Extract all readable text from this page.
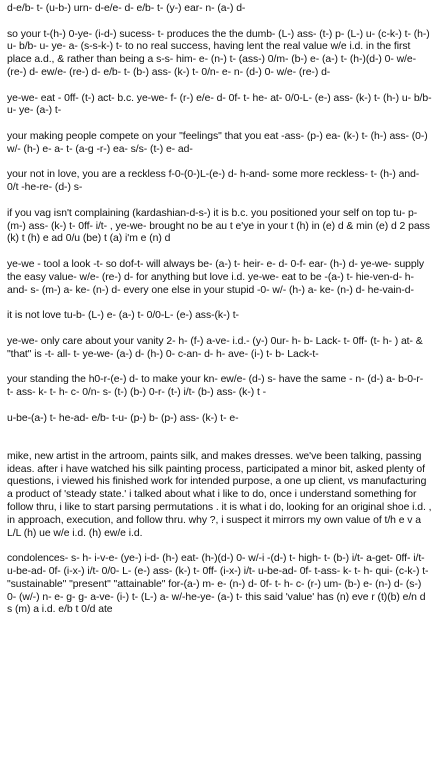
d-e/b- t- (u-b-) urn- d-e/e- d- e/b- t- (y-) ear- n- (a-) d-

so your t-(h-) 0-ye- (i-d-) sucess- t- produces the the dumb- (L-) ass- (t-) p- (L-) u- (c-k-) t- (h-) u- b/b- u- ye- a- (s-s-k-) t- to no real success, having lent the real value w/e i.d. in the first place a.d., & rather than being a s-s- him- e- (n-) t- (ass-) 0/m- (b-) e- (a-) t- (h-)(d-) 0- w/e- (re-) d- ew/e- (re-) d- e/b- t- (b-) ass- (k-) t- 0/n- e- n- (d-) 0- w/e- (re-) d-

ye-we- eat - 0ff- (t-) act- b.c. ye-we- f- (r-) e/e- d- 0f- t- he- at- 0/0-L- (e-) ass- (k-) t- (h-) u- b/b- u- ye- (a-) t-

your making people compete on your "feelings" that you eat -ass- (p-) ea- (k-) t- (h-) ass- (0-) w/- (h-) e- a- t- (a-g -r-) ea- s/s- (t-) e- ad-

your not in love, you are a reckless f-0-(0-)L-(e-) d- h-and- some more reckless- t- (h-) and- 0/t -he-re- (d-) s-

if you vag isn't complaining (kardashian-d-s-) it is b.c. you positioned your self on top tu- p- (m-) ass- (k-) t- 0ff- i/t- , ye-we- brought no be au t e'ye in your t (h) in (e) d & min (e) d 2 pass (k) t (h) e ad 0/u (be) t (a) i'm e (n) d

ye-we - tool a look -t- so dof-t- will always be- (a-) t- heir- e- d- 0-f- ear- (h-) d- ye-we- supply the easy value- w/e- (re-) d- for anything but love i.d. ye-we- eat to be -(a-) t- hie-ven-d- h-and- s- (m-) a- ke- (n-) d- every one else in your stupid -0- w/- (h-) a- ke- (n-) d- he-vain-d-

it is not love tu-b- (L-) e- (a-) t- 0/0-L- (e-) ass-(k-) t-

ye-we- only care about your vanity 2- h- (f-) a-ve- i.d.- (y-) 0ur- h- b- Lack- t- 0ff- (t- h- ) at- & "that" is -t- all- t- ye-we- (a-) d- (h-) 0- c-an- d- h- ave- (i-) t- b- Lack-t-

your standing the h0-r-(e-) d- to make your kn- ew/e- (d-) s- have the same - n- (d-) a- b-0-r- t- ass- k- t- h- c- 0/n- s- (t-) (b-) 0-r- (t-) i/t- (b-) ass- (k-) t -

u-be-(a-) t- he-ad- e/b- t-u- (p-) b- (p-) ass- (k-) t- e-

mike, new artist in the artroom, paints silk, and makes dresses. we've been talking, passing ideas. after i have watched his silk painting process, participated a minor bit, asked plenty of questions, i viewed his finished work for intended purpose, a one up client, vs manufacturing a product of 'steady state.' i talked about what i like to do, once i understand something for follow thru, i like to start parsing permutations . it is what i do, looking for an original shoe i.d. , in approach, execution, and follow thru. why ?, i suspect it mirrors my own value of t/h e v a L/L (h) ue w/e i.d. (h) ew/e i.d.

condolences- s- h- i-v-e- (ye-) i-d- (h-) eat- (h-)(d-) 0- w/-i -(d-) t- high- t- (b-) i/t- a-get- 0ff- i/t- u-be-ad- 0f- (i-x-) i/t- 0/0- L- (e-) ass- (k-) t- 0ff- (i-x-) i/t- u-be-ad- 0f- t-ass- k- t- h- qui- (c-k-) t- "sustainable" "present" "attainable" for-(a-) m- e- (n-) d- 0f- t- h- c- (r-) um- (b-) e- (n-) d- (s-) 0- (w/-) n- e- g- g- a-ve- (i-) t- (L-) a- w/-he-ye- (a-) t- this said 'value' has (n) eve r (t)(b) e/n d s (m) a i.d. e/b t 0/d ate
